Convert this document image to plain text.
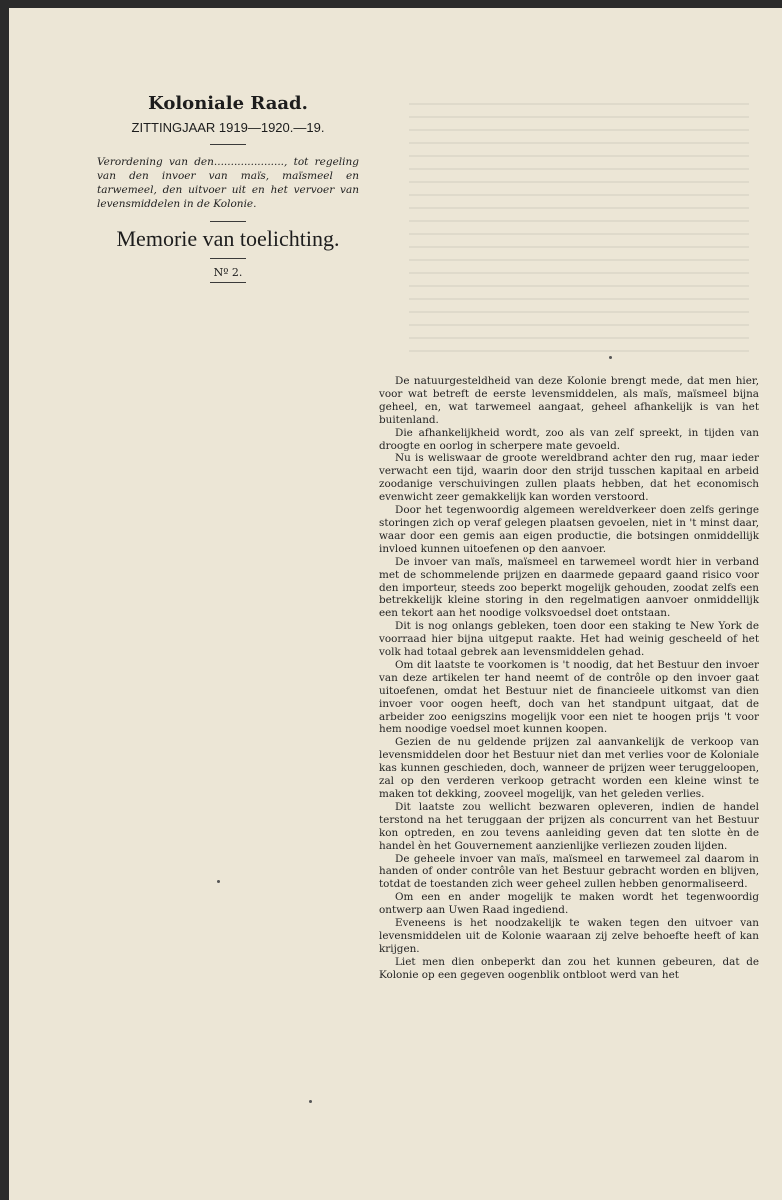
Koloniale Raad.
ZITTINGJAAR 1919—1920.—19.
Verordening van den....................., tot regeling van den invoer van maïs, maïsmeel en tarwemeel, den uitvoer uit en het vervoer van levensmiddelen in de Kolonie.
Memorie van toelichting.
Nº 2.

De natuurgesteldheid van deze Kolonie brengt mede, dat men hier, voor wat betreft de eerste levensmiddelen, als maïs, maïsmeel bijna geheel, en, wat tarwemeel aangaat, geheel afhankelijk is van het buitenland.

Die afhankelijkheid wordt, zoo als van zelf spreekt, in tijden van droogte en oorlog in scherpere mate gevoeld.

Nu is weliswaar de groote wereldbrand achter den rug, maar ieder verwacht een tijd, waarin door den strijd tusschen kapitaal en arbeid zoodanige verschuivingen zullen plaats hebben, dat het economisch evenwicht zeer gemakkelijk kan worden verstoord.

Door het tegenwoordig algemeen wereldverkeer doen zelfs geringe storingen zich op veraf gelegen plaatsen gevoelen, niet in 't minst daar, waar door een gemis aan eigen productie, die botsingen onmiddellijk invloed kunnen uitoefenen op den aanvoer.

De invoer van maïs, maïsmeel en tarwemeel wordt hier in verband met de schommelende prijzen en daarmede gepaard gaand risico voor den importeur, steeds zoo beperkt mogelijk gehouden, zoodat zelfs een betrekkelijk kleine storing in den regelmatigen aanvoer onmiddellijk een tekort aan het noodige volksvoedsel doet ontstaan.

Dit is nog onlangs gebleken, toen door een staking te New York de voorraad hier bijna uitgeput raakte. Het had weinig gescheeld of het volk had totaal gebrek aan levensmiddelen gehad.

Om dit laatste te voorkomen is 't noodig, dat het Bestuur den invoer van deze artikelen ter hand neemt of de contrôle op den invoer gaat uitoefenen, omdat het Bestuur niet de financieele uitkomst van dien invoer voor oogen heeft, doch van het standpunt uitgaat, dat de arbeider zoo eenigszins mogelijk voor een niet te hoogen prijs 't voor hem noodige voedsel moet kunnen koopen.

Gezien de nu geldende prijzen zal aanvankelijk de verkoop van levensmiddelen door het Bestuur niet dan met verlies voor de Koloniale kas kunnen geschieden, doch, wanneer de prijzen weer teruggeloopen, zal op den verderen verkoop getracht worden een kleine winst te maken tot dekking, zooveel mogelijk, van het geleden verlies.

Dit laatste zou wellicht bezwaren opleveren, indien de handel terstond na het teruggaan der prijzen als concurrent van het Bestuur kon optreden, en zou tevens aanleiding geven dat ten slotte èn de handel èn het Gouvernement aanzienlijke verliezen zouden lijden.

De geheele invoer van maïs, maïsmeel en tarwemeel zal daarom in handen of onder contrôle van het Bestuur gebracht worden en blijven, totdat de toestanden zich weer geheel zullen hebben genormaliseerd.

Om een en ander mogelijk te maken wordt het tegenwoordig ontwerp aan Uwen Raad ingediend.

Eveneens is het noodzakelijk te waken tegen den uitvoer van levensmiddelen uit de Kolonie waaraan zij zelve behoefte heeft of kan krijgen.

Liet men dien onbeperkt dan zou het kunnen gebeuren, dat de Kolonie op een gegeven oogenblik ontbloot werd van het
